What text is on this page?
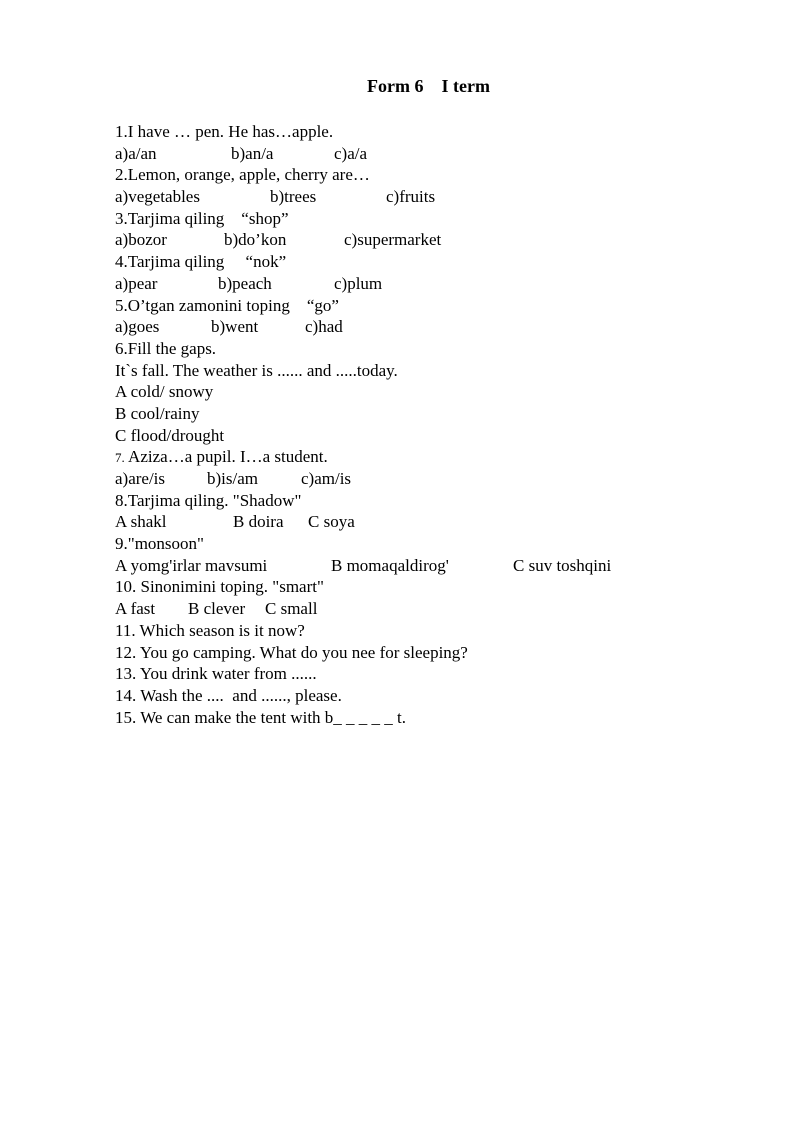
Form 6    I term
1.I have … pen. He has…apple.
a)a/an	b)an/a	c)a/a
2.Lemon, orange, apple, cherry are…
a)vegetables	b)trees	c)fruits
3.Tarjima qiling    “shop”
a)bozor	b)do’kon	c)supermarket
4.Tarjima qiling     “nok”
a)pear	b)peach	c)plum
5.O’tgan zamonini toping    “go”
a)goes	b)went	c)had
6.Fill the gaps.
It`s fall. The weather is ...... and .....today.
A cold/ snowy
B cool/rainy
C flood/drought
7. Aziza…a pupil. I…a student.
a)are/is b)is/am	c)am/is
8.Tarjima qiling. "Shadow"
A shakl	B doira C soya
9."monsoon"
A yomg'irlar mavsumi	B momaqaldirog'	C suv toshqini
10. Sinonimini toping. "smart"
A fast B clever C small
11. Which season is it now?
12. You go camping. What do you nee for sleeping?
13. You drink water from ......
14. Wash the ....  and ......, please.
15. We can make the tent with b_ _ _ _ _ t.
